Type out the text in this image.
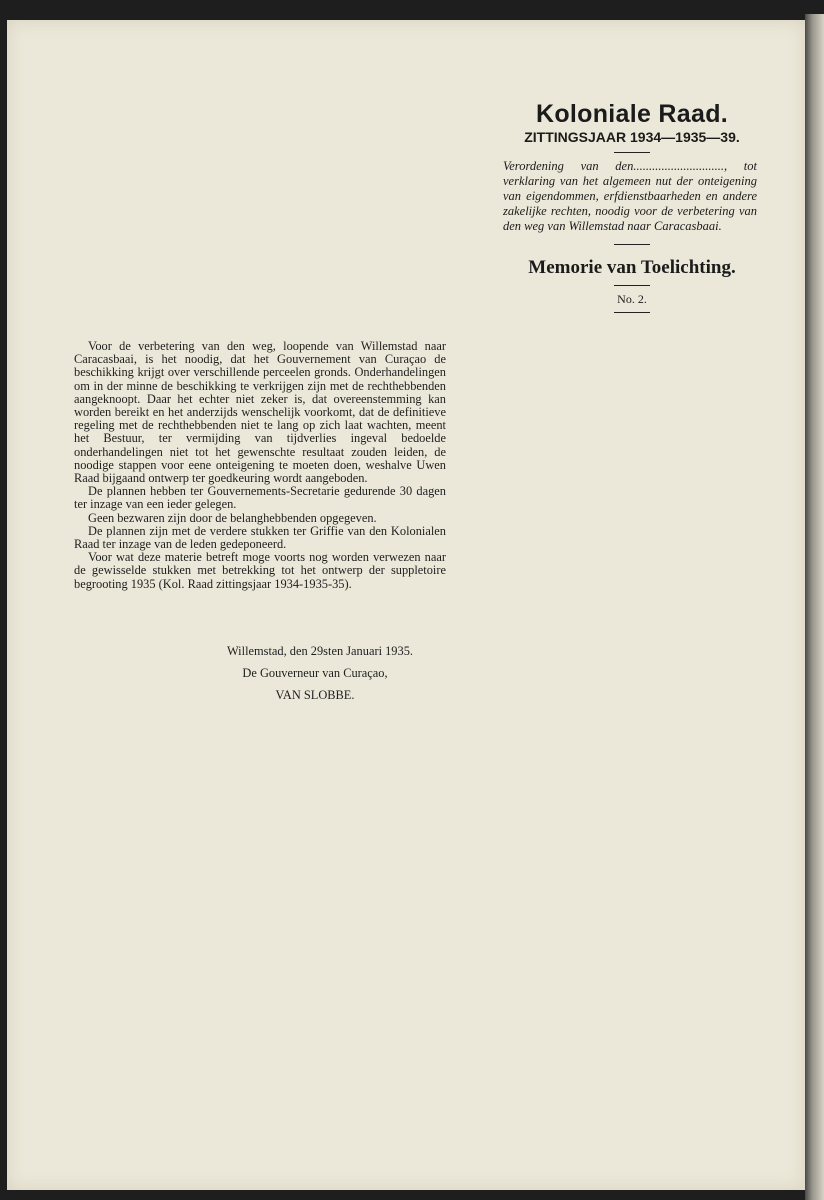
Koloniale Raad.
ZITTINGSJAAR 1934—1935—39.
Verordening van den............................., tot verklaring van het algemeen nut der onteigening van eigendommen, erfdienstbaarheden en andere zakelijke rechten, noodig voor de verbetering van den weg van Willemstad naar Caracasbaai.
Memorie van Toelichting.
No. 2.

Voor de verbetering van den weg, loopende van Willemstad naar Caracasbaai, is het noodig, dat het Gouvernement van Curaçao de beschikking krijgt over verschillende perceelen gronds. Onderhandelingen om in der minne de beschikking te verkrijgen zijn met de rechthebbenden aangeknoopt. Daar het echter niet zeker is, dat overeenstemming kan worden bereikt en het anderzijds wenschelijk voorkomt, dat de definitieve regeling met de rechthebbenden niet te lang op zich laat wachten, meent het Bestuur, ter vermijding van tijdverlies ingeval bedoelde onderhandelingen niet tot het gewenschte resultaat zouden leiden, de noodige stappen voor eene onteigening te moeten doen, weshalve Uwen Raad bijgaand ontwerp ter goedkeuring wordt aangeboden.

De plannen hebben ter Gouvernements-Secretarie gedurende 30 dagen ter inzage van een ieder gelegen.

Geen bezwaren zijn door de belanghebbenden opgegeven.

De plannen zijn met de verdere stukken ter Griffie van den Kolonialen Raad ter inzage van de leden gedeponeerd.

Voor wat deze materie betreft moge voorts nog worden verwezen naar de gewisselde stukken met betrekking tot het ontwerp der suppletoire begrooting 1935 (Kol. Raad zittingsjaar 1934-1935-35).

Willemstad, den 29sten Januari 1935.
De Gouverneur van Curaçao,
VAN SLOBBE.
